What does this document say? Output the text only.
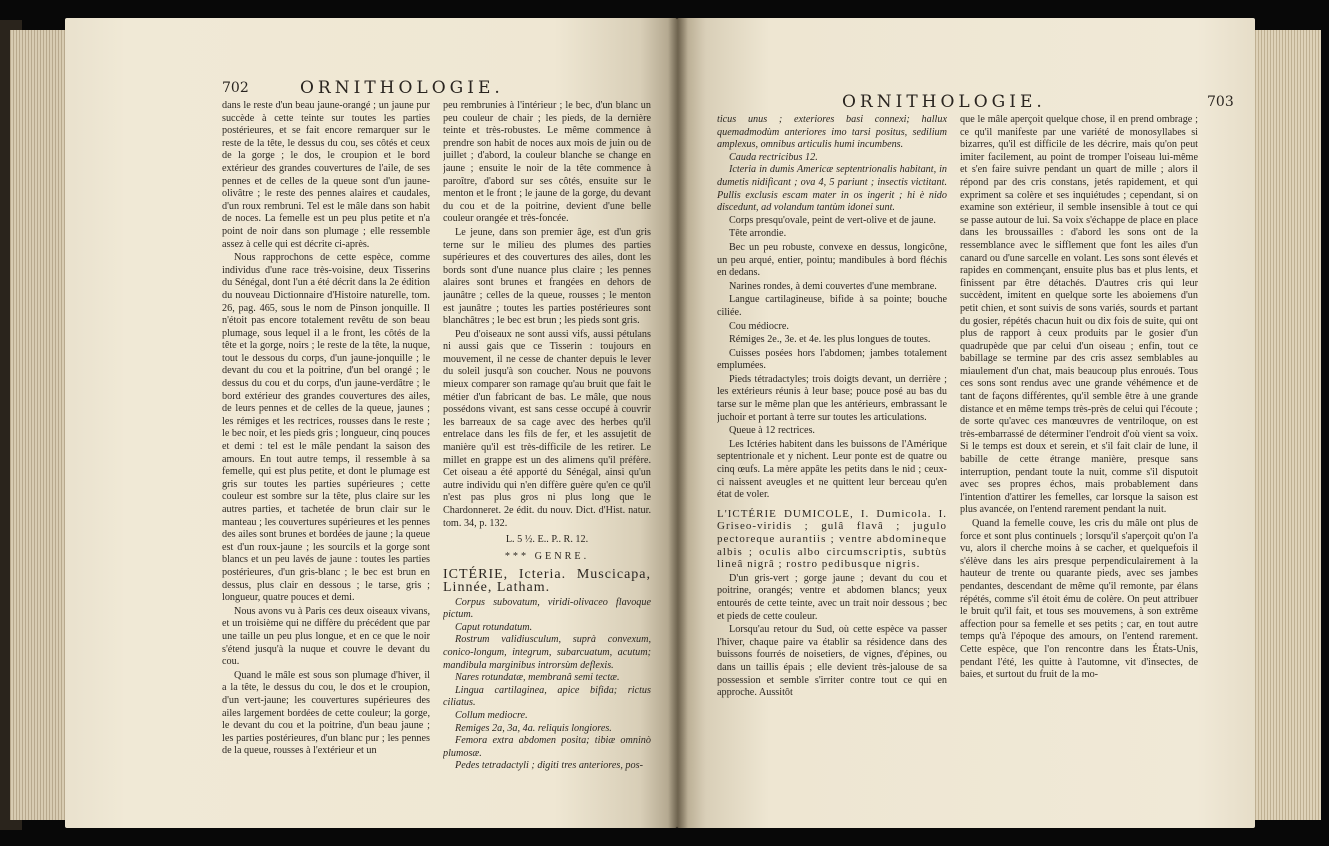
702	ORNITHOLOGIE.

dans le reste d'un beau jaune-orangé ; un jaune pur succède à cette teinte sur toutes les parties postérieures, et se fait encore remarquer sur le reste de la tête, le dessus du cou, ses côtés et ceux de la gorge ; le dos, le croupion et le bord extérieur des grandes couvertures de l'aile, de ses pennes et de celles de la queue sont d'un jaune-olivâtre ; le reste des pennes alaires et caudales, d'un roux rembruni. Tel est le mâle dans son habit de noces. La femelle est un peu plus petite et n'a point de noir dans son plumage ; elle ressemble assez à celle qui est décrite ci-après.

Nous rapprochons de cette espèce, comme individus d'une race très-voisine, deux Tisserins du Sénégal, dont l'un a été décrit dans la 2e édition du nouveau Dictionnaire d'Histoire naturelle, tom. 26, pag. 465, sous le nom de Pinson jonquille. Il n'étoit pas encore totalement revêtu de son beau plumage, sous lequel il a le front, les côtés de la tête et la gorge, noirs ; le reste de la tête, la nuque, tout le dessous du corps, d'un jaune-jonquille ; le devant du cou et la poitrine, d'un bel orangé ; le dessus du cou et du corps, d'un jaune-verdâtre ; le bord extérieur des grandes couvertures des ailes, de leurs pennes et de celles de la queue, jaunes ; les rémiges et les rectrices, rousses dans le reste ; le bec noir, et les pieds gris ; longueur, cinq pouces et demi : tel est le mâle pendant la saison des amours. En tout autre temps, il ressemble à sa femelle, qui est plus petite, et dont le plumage est gris sur toutes les parties supérieures ; cette couleur est sombre sur la tête, plus claire sur les autres parties, et tachetée de brun clair sur le manteau ; les couvertures supérieures et les pennes des ailes sont brunes et bordées de jaune ; la queue est d'un roux-jaune ; les sourcils et la gorge sont blancs et un peu lavés de jaune : toutes les parties postérieures, d'un gris-blanc ; le bec est brun en dessus, plus clair en dessous ; le tarse, gris ; longueur, quatre pouces et demi.

Nous avons vu à Paris ces deux oiseaux vivans, et un troisième qui ne diffère du précédent que par une taille un peu plus longue, et en ce que le noir s'étend jusqu'à la nuque et couvre le devant du cou.

Quand le mâle est sous son plumage d'hiver, il a la tête, le dessus du cou, le dos et le croupion, d'un vert-jaune; les couvertures supérieures des ailes largement bordées de cette couleur; la gorge, le devant du cou et la poitrine, d'un beau jaune ; les parties postérieures, d'un blanc pur ; les pennes de la queue, rousses à l'extérieur et un

peu rembrunies à l'intérieur ; le bec, d'un blanc un peu couleur de chair ; les pieds, de la dernière teinte et très-robustes. Le même commence à prendre son habit de noces aux mois de juin ou de juillet ; d'abord, la couleur blanche se change en jaune ; ensuite le noir de la tête commence à paroître, d'abord sur ses côtés, ensuite sur le menton et le front ; le jaune de la gorge, du devant du cou et de la poitrine, devient d'une belle couleur orangée et très-foncée.

Le jeune, dans son premier âge, est d'un gris terne sur le milieu des plumes des parties supérieures et des couvertures des ailes, dont les bords sont d'une nuance plus claire ; les pennes alaires sont brunes et frangées en dehors de jaunâtre ; celles de la queue, rousses ; le menton est jaunâtre ; toutes les parties postérieures sont blanchâtres ; le bec est brun ; les pieds sont gris.

Peu d'oiseaux ne sont aussi vifs, aussi pétulans ni aussi gais que ce Tisserin : toujours en mouvement, il ne cesse de chanter depuis le lever du soleil jusqu'à son coucher. Nous ne pouvons mieux comparer son ramage qu'au bruit que fait le métier d'un fabricant de bas. Le mâle, que nous possédons vivant, est sans cesse occupé à couvrir les barreaux de sa cage avec des herbes qu'il entrelace dans les fils de fer, et les assujetit de manière qu'il est très-difficile de les retirer. Le millet en grappe est un des alimens qu'il préfère. Cet oiseau a été apporté du Sénégal, ainsi qu'un autre individu qui n'en diffère guère qu'en ce qu'il n'est pas plus gros ni plus long que le Chardonneret. 2e édit. du nouv. Dict. d'Hist. natur. tom. 34, p. 132.

L. 5 ½. E.. P.. R. 12.

*** GENRE.

ICTÉRIE, Icteria. Muscicapa, Linnée, Latham.

Corpus subovatum, viridi-olivaceo flavoque pictum.

Caput rotundatum.

Rostrum validiusculum, suprà convexum, conico-longum, integrum, subarcuatum, acutum; mandibula marginibus introrsùm deflexis.

Nares rotundatæ, membranâ semi tectæ.

Lingua cartilaginea, apice bifida; rictus ciliatus.

Collum mediocre.

Remiges 2a, 3a, 4a. reliquis longiores.

Femora extra abdomen posita; tibiæ omninò plumosæ.

Pedes tetradactyli ; digiti tres anteriores, pos-

ORNITHOLOGIE.	703

ticus unus ; exteriores basi connexi; hallux quemadmodùm anteriores imo tarsi positus, sedilium amplexus, omnibus articulis humi incumbens.

Cauda rectricibus 12.

Icteria in dumis Americæ septentrionalis habitant, in dumetis nidificant ; ova 4, 5 pariunt ; insectis victitant. Pullis exclusis escam mater in os ingerit ; hi è nido discedunt, ad volandum tantùm idonei sunt.

Corps presqu'ovale, peint de vert-olive et de jaune.

Tête arrondie.

Bec un peu robuste, convexe en dessus, longicône, un peu arqué, entier, pointu; mandibules à bord fléchis en dedans.

Narines rondes, à demi couvertes d'une membrane.

Langue cartilagineuse, bifide à sa pointe; bouche ciliée.

Cou médiocre.

Rémiges 2e., 3e. et 4e. les plus longues de toutes.

Cuisses posées hors l'abdomen; jambes totalement emplumées.

Pieds tétradactyles; trois doigts devant, un derrière ; les extérieurs réunis à leur base; pouce posé au bas du tarse sur le même plan que les antérieurs, embrassant le juchoir et portant à terre sur toutes les articulations.

Queue à 12 rectrices.

Les Ictéries habitent dans les buissons de l'Amérique septentrionale et y nichent. Leur ponte est de quatre ou cinq œufs. La mère appâte les petits dans le nid ; ceux-ci naissent aveugles et ne quittent leur berceau qu'en état de voler.

L'ICTÉRIE DUMICOLE, I. Dumicola. I. Griseo-viridis ; gulâ flavâ ; jugulo pectoreque aurantiis ; ventre abdomineque albis ; oculis albo circumscriptis, subtùs lineâ nigrâ ; rostro pedibusque nigris.

D'un gris-vert ; gorge jaune ; devant du cou et poitrine, orangés; ventre et abdomen blancs; yeux entourés de cette teinte, avec un trait noir dessous ; bec et pieds de cette couleur.

Lorsqu'au retour du Sud, où cette espèce va passer l'hiver, chaque paire va établir sa résidence dans des buissons fourrés de noisetiers, de vignes, d'épines, ou dans un taillis épais ; elle devient très-jalouse de sa possession et semble s'irriter contre tout ce qui en approche. Aussitôt

que le mâle aperçoit quelque chose, il en prend ombrage ; ce qu'il manifeste par une variété de monosyllabes si bizarres, qu'il est difficile de les décrire, mais qu'on peut imiter facilement, au point de tromper l'oiseau lui-même et s'en faire suivre pendant un quart de mille ; alors il répond par des cris constans, jetés rapidement, et qui expriment sa colère et ses inquiétudes ; cependant, si on examine son extérieur, il semble insensible à tout ce qui se passe autour de lui. Sa voix s'échappe de place en place dans les broussailles : d'abord les sons ont de la ressemblance avec le sifflement que font les ailes d'un canard ou d'une sarcelle en volant. Les sons sont élevés et rapides en commençant, ensuite plus bas et plus lents, et finissent par être détachés. D'autres cris qui leur succèdent, imitent en quelque sorte les aboiemens d'un petit chien, et sont suivis de sons variés, sourds et partant du gosier, répétés chacun huit ou dix fois de suite, qui ont plus de rapport à ceux produits par le gosier d'un quadrupède que par celui d'un oiseau ; enfin, tout ce babillage se termine par des cris assez semblables au miaulement d'un chat, mais beaucoup plus enroués. Tous ces sons sont rendus avec une grande véhémence et de tant de façons différentes, qu'il semble être à une grande distance et en même temps très-près de celui qui l'écoute ; de sorte qu'avec ces manœuvres de ventriloque, on est très-embarrassé de déterminer l'endroit d'où vient sa voix. Si le temps est doux et serein, et s'il fait clair de lune, il babille de cette étrange manière, presque sans interruption, pendant toute la nuit, comme s'il disputoit avec ses propres échos, mais probablement dans l'intention d'attirer les femelles, car lorsque la saison est plus avancée, on l'entend rarement pendant la nuit.

Quand la femelle couve, les cris du mâle ont plus de force et sont plus continuels ; lorsqu'il s'aperçoit qu'on l'a vu, alors il cherche moins à se cacher, et quelquefois il s'élève dans les airs presque perpendiculairement à la hauteur de trente ou quarante pieds, avec ses jambes pendantes, descendant de même qu'il remonte, par élans répétés, comme s'il étoit ému de colère. On peut attribuer le bruit qu'il fait, et tous ses mouvemens, à son extrême affection pour sa femelle et ses petits ; car, en tout autre temps qu'à l'époque des amours, on l'entend rarement. Cette espèce, que l'on rencontre dans les États-Unis, pendant l'été, les quitte à l'automne, vit d'insectes, de baies, et surtout du fruit de la mo-
